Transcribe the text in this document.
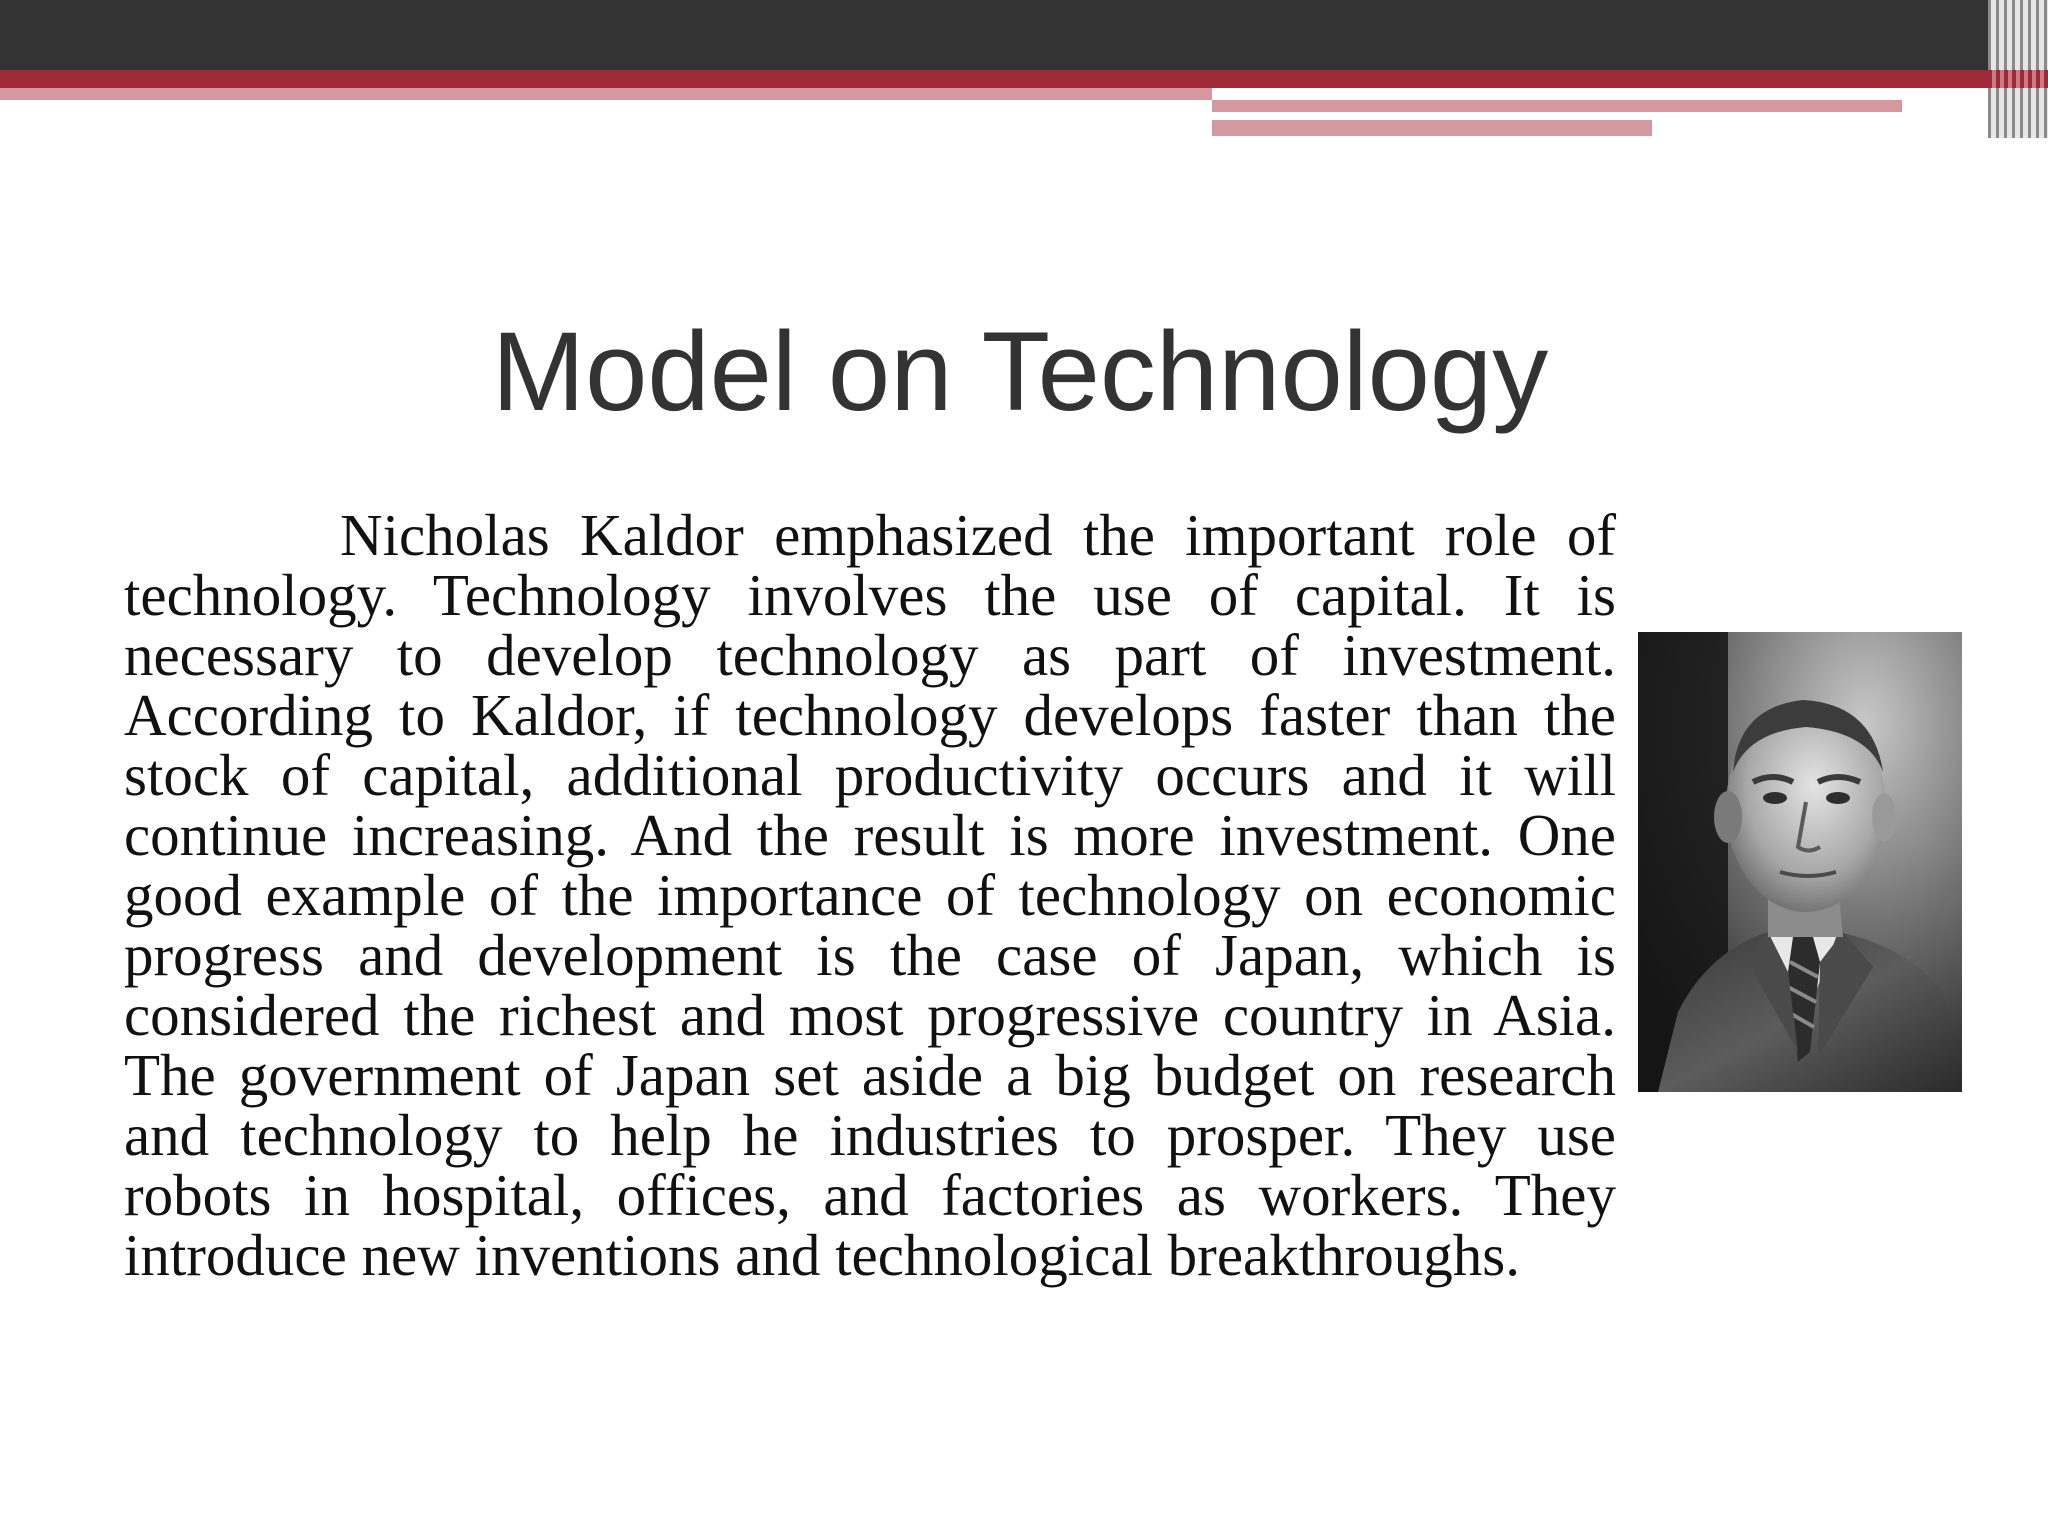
Model on Technology

Nicholas Kaldor emphasized the important role of technology. Technology involves the use of capital. It is necessary to develop technology as part of investment. According to Kaldor, if technology develops faster than the stock of capital, additional productivity occurs and it will continue increasing. And the result is more investment. One good example of the importance of technology on economic progress and development is the case of Japan, which is considered the richest and most progressive country in Asia. The government of Japan set aside a big budget on research and technology to help he industries to prosper. They use robots in hospital, offices, and factories as workers. They introduce new inventions and technological breakthroughs.
